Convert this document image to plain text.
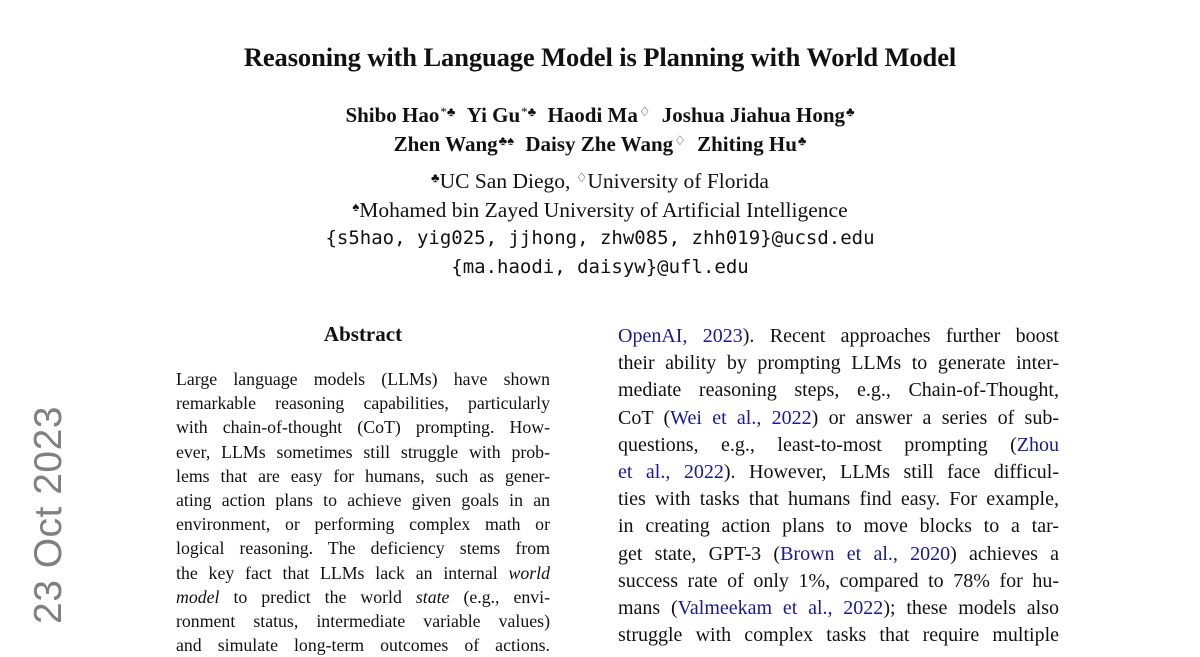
23 Oct 2023
Reasoning with Language Model is Planning with World Model
Shibo Hao*♣ Yi Gu*♣ Haodi Ma♢ Joshua Jiahua Hong♣
Zhen Wang♣♠ Daisy Zhe Wang♢ Zhiting Hu♣
♣UC San Diego, ♢University of Florida
♠Mohamed bin Zayed University of Artificial Intelligence
{s5hao, yig025, jjhong, zhw085, zhh019}@ucsd.edu
{ma.haodi, daisyw}@ufl.edu
Abstract
Large language models (LLMs) have shown
remarkable reasoning capabilities, particularly
with chain-of-thought (CoT) prompting. How-
ever, LLMs sometimes still struggle with prob-
lems that are easy for humans, such as gener-
ating action plans to achieve given goals in an
environment, or performing complex math or
logical reasoning. The deficiency stems from
the key fact that LLMs lack an internal world
model to predict the world state (e.g., envi-
ronment status, intermediate variable values)
and simulate long-term outcomes of actions.
OpenAI, 2023). Recent approaches further boost
their ability by prompting LLMs to generate inter-
mediate reasoning steps, e.g., Chain-of-Thought,
CoT (Wei et al., 2022) or answer a series of sub-
questions, e.g., least-to-most prompting (Zhou
et al., 2022). However, LLMs still face difficul-
ties with tasks that humans find easy. For example,
in creating action plans to move blocks to a tar-
get state, GPT-3 (Brown et al., 2020) achieves a
success rate of only 1%, compared to 78% for hu-
mans (Valmeekam et al., 2022); these models also
struggle with complex tasks that require multiple
